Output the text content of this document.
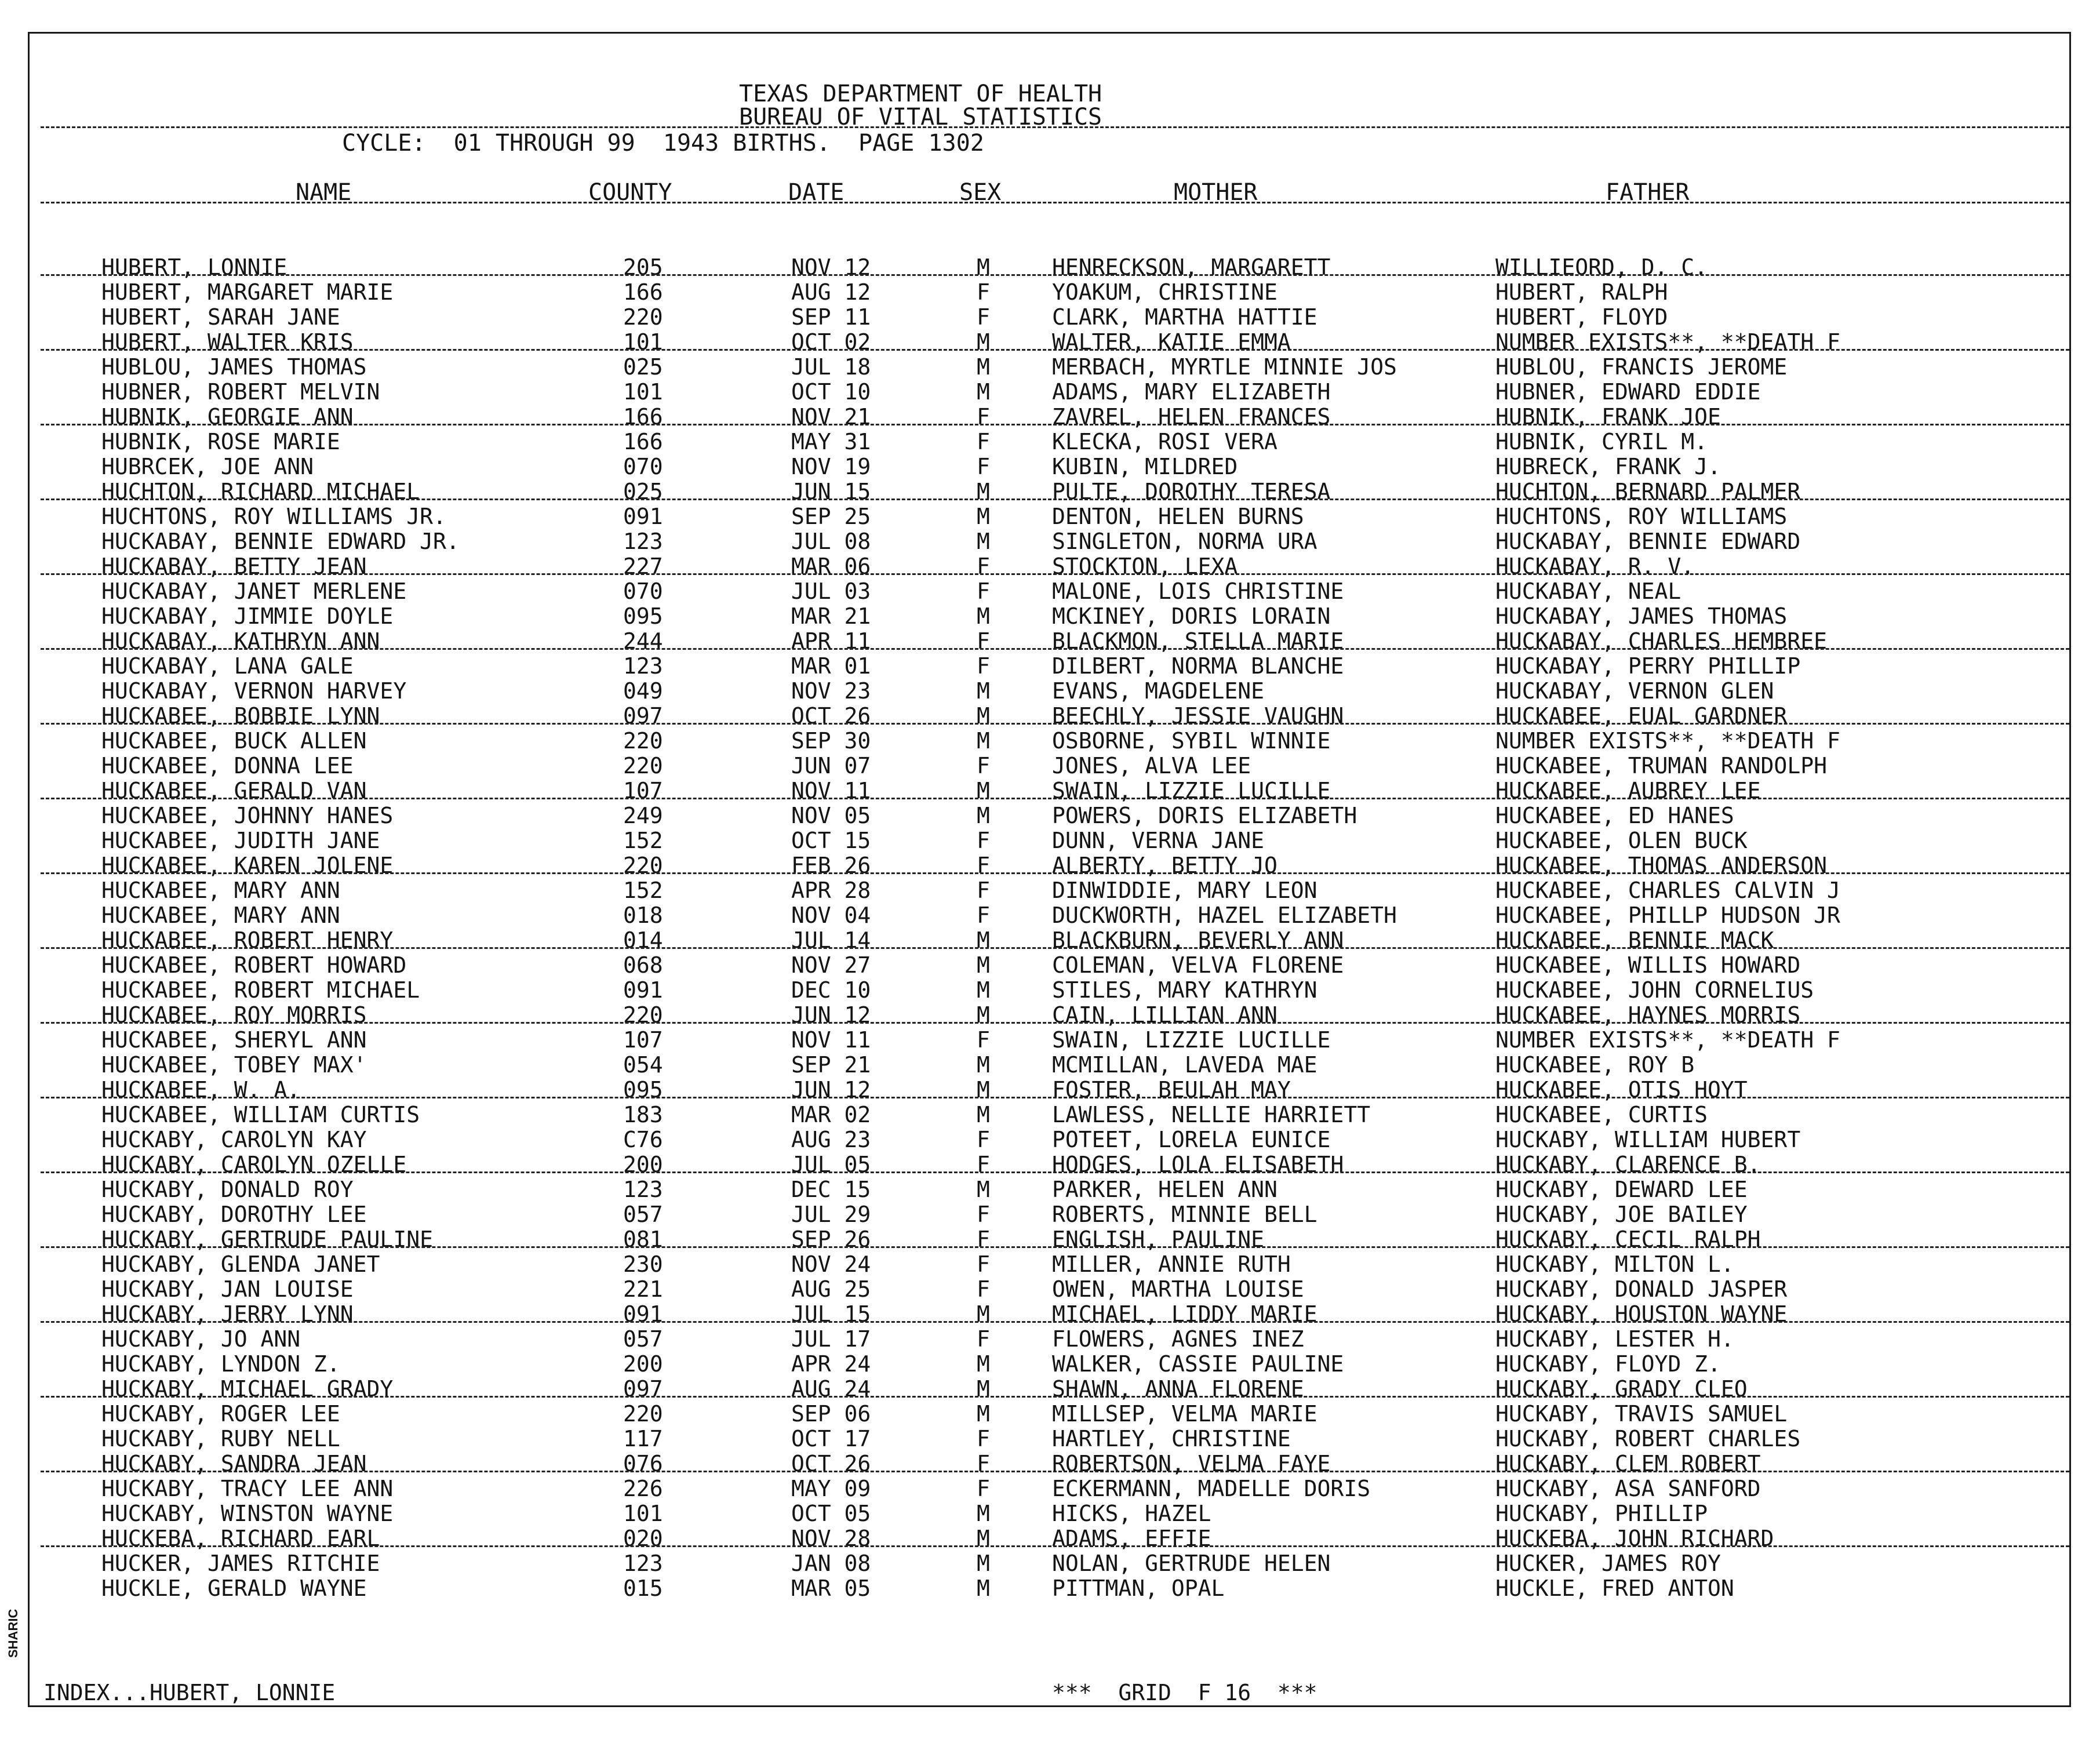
TEXAS DEPARTMENT OF HEALTH
BUREAU OF VITAL STATISTICS
CYCLE:  01 THROUGH 99  1943 BIRTHS.  PAGE 1302
NAME	COUNTY	DATE	SEX	MOTHER	FATHER
HUBERT, LONNIE	205	NOV 12	M	HENRECKSON, MARGARETT	WILLIEORD, D. C.
HUBERT, MARGARET MARIE	166	AUG 12	F	YOAKUM, CHRISTINE	HUBERT, RALPH
HUBERT, SARAH JANE	220	SEP 11	F	CLARK, MARTHA HATTIE	HUBERT, FLOYD
HUBERT, WALTER KRIS	101	OCT 02	M	WALTER, KATIE EMMA	NUMBER EXISTS**, **DEATH F
HUBLOU, JAMES THOMAS	025	JUL 18	M	MERBACH, MYRTLE MINNIE JOS	HUBLOU, FRANCIS JEROME
HUBNER, ROBERT MELVIN	101	OCT 10	M	ADAMS, MARY ELIZABETH	HUBNER, EDWARD EDDIE
HUBNIK, GEORGIE ANN	166	NOV 21	F	ZAVREL, HELEN FRANCES	HUBNIK, FRANK JOE
HUBNIK, ROSE MARIE	166	MAY 31	F	KLECKA, ROSI VERA	HUBNIK, CYRIL M.
HUBRCEK, JOE ANN	070	NOV 19	F	KUBIN, MILDRED	HUBRECK, FRANK J.
HUCHTON, RICHARD MICHAEL	025	JUN 15	M	PULTE, DOROTHY TERESA	HUCHTON, BERNARD PALMER
HUCHTONS, ROY WILLIAMS JR.	091	SEP 25	M	DENTON, HELEN BURNS	HUCHTONS, ROY WILLIAMS
HUCKABAY, BENNIE EDWARD JR.	123	JUL 08	M	SINGLETON, NORMA URA	HUCKABAY, BENNIE EDWARD
HUCKABAY, BETTY JEAN	227	MAR 06	F	STOCKTON, LEXA	HUCKABAY, R. V.
HUCKABAY, JANET MERLENE	070	JUL 03	F	MALONE, LOIS CHRISTINE	HUCKABAY, NEAL
HUCKABAY, JIMMIE DOYLE	095	MAR 21	M	MCKINEY, DORIS LORAIN	HUCKABAY, JAMES THOMAS
HUCKABAY, KATHRYN ANN	244	APR 11	F	BLACKMON, STELLA MARIE	HUCKABAY, CHARLES HEMBREE
HUCKABAY, LANA GALE	123	MAR 01	F	DILBERT, NORMA BLANCHE	HUCKABAY, PERRY PHILLIP
HUCKABAY, VERNON HARVEY	049	NOV 23	M	EVANS, MAGDELENE	HUCKABAY, VERNON GLEN
HUCKABEE, BOBBIE LYNN	097	OCT 26	M	BEECHLY, JESSIE VAUGHN	HUCKABEE, EUAL GARDNER
HUCKABEE, BUCK ALLEN	220	SEP 30	M	OSBORNE, SYBIL WINNIE	NUMBER EXISTS**, **DEATH F
HUCKABEE, DONNA LEE	220	JUN 07	F	JONES, ALVA LEE	HUCKABEE, TRUMAN RANDOLPH
HUCKABEE, GERALD VAN	107	NOV 11	M	SWAIN, LIZZIE LUCILLE	HUCKABEE, AUBREY LEE
HUCKABEE, JOHNNY HANES	249	NOV 05	M	POWERS, DORIS ELIZABETH	HUCKABEE, ED HANES
HUCKABEE, JUDITH JANE	152	OCT 15	F	DUNN, VERNA JANE	HUCKABEE, OLEN BUCK
HUCKABEE, KAREN JOLENE	220	FEB 26	F	ALBERTY, BETTY JO	HUCKABEE, THOMAS ANDERSON
HUCKABEE, MARY ANN	152	APR 28	F	DINWIDDIE, MARY LEON	HUCKABEE, CHARLES CALVIN J
HUCKABEE, MARY ANN	018	NOV 04	F	DUCKWORTH, HAZEL ELIZABETH	HUCKABEE, PHILLP HUDSON JR
HUCKABEE, ROBERT HENRY	014	JUL 14	M	BLACKBURN, BEVERLY ANN	HUCKABEE, BENNIE MACK
HUCKABEE, ROBERT HOWARD	068	NOV 27	M	COLEMAN, VELVA FLORENE	HUCKABEE, WILLIS HOWARD
HUCKABEE, ROBERT MICHAEL	091	DEC 10	M	STILES, MARY KATHRYN	HUCKABEE, JOHN CORNELIUS
HUCKABEE, ROY MORRIS	220	JUN 12	M	CAIN, LILLIAN ANN	HUCKABEE, HAYNES MORRIS
HUCKABEE, SHERYL ANN	107	NOV 11	F	SWAIN, LIZZIE LUCILLE	NUMBER EXISTS**, **DEATH F
HUCKABEE, TOBEY MAX'	054	SEP 21	M	MCMILLAN, LAVEDA MAE	HUCKABEE, ROY B
HUCKABEE, W. A.	095	JUN 12	M	FOSTER, BEULAH MAY	HUCKABEE, OTIS HOYT
HUCKABEE, WILLIAM CURTIS	183	MAR 02	M	LAWLESS, NELLIE HARRIETT	HUCKABEE, CURTIS
HUCKABY, CAROLYN KAY	C76	AUG 23	F	POTEET, LORELA EUNICE	HUCKABY, WILLIAM HUBERT
HUCKABY, CAROLYN OZELLE	200	JUL 05	F	HODGES, LOLA ELISABETH	HUCKABY, CLARENCE B.
HUCKABY, DONALD ROY	123	DEC 15	M	PARKER, HELEN ANN	HUCKABY, DEWARD LEE
HUCKABY, DOROTHY LEE	057	JUL 29	F	ROBERTS, MINNIE BELL	HUCKABY, JOE BAILEY
HUCKABY, GERTRUDE PAULINE	081	SEP 26	F	ENGLISH, PAULINE	HUCKABY, CECIL RALPH
HUCKABY, GLENDA JANET	230	NOV 24	F	MILLER, ANNIE RUTH	HUCKABY, MILTON L.
HUCKABY, JAN LOUISE	221	AUG 25	F	OWEN, MARTHA LOUISE	HUCKABY, DONALD JASPER
HUCKABY, JERRY LYNN	091	JUL 15	M	MICHAEL, LIDDY MARIE	HUCKABY, HOUSTON WAYNE
HUCKABY, JO ANN	057	JUL 17	F	FLOWERS, AGNES INEZ	HUCKABY, LESTER H.
HUCKABY, LYNDON Z.	200	APR 24	M	WALKER, CASSIE PAULINE	HUCKABY, FLOYD Z.
HUCKABY, MICHAEL GRADY	097	AUG 24	M	SHAWN, ANNA FLORENE	HUCKABY, GRADY CLEO
HUCKABY, ROGER LEE	220	SEP 06	M	MILLSEP, VELMA MARIE	HUCKABY, TRAVIS SAMUEL
HUCKABY, RUBY NELL	117	OCT 17	F	HARTLEY, CHRISTINE	HUCKABY, ROBERT CHARLES
HUCKABY, SANDRA JEAN	076	OCT 26	F	ROBERTSON, VELMA FAYE	HUCKABY, CLEM ROBERT
HUCKABY, TRACY LEE ANN	226	MAY 09	F	ECKERMANN, MADELLE DORIS	HUCKABY, ASA SANFORD
HUCKABY, WINSTON WAYNE	101	OCT 05	M	HICKS, HAZEL	HUCKABY, PHILLIP
HUCKEBA, RICHARD EARL	020	NOV 28	M	ADAMS, EFFIE	HUCKEBA, JOHN RICHARD
HUCKER, JAMES RITCHIE	123	JAN 08	M	NOLAN, GERTRUDE HELEN	HUCKER, JAMES ROY
HUCKLE, GERALD WAYNE	015	MAR 05	M	PITTMAN, OPAL	HUCKLE, FRED ANTON
INDEX...HUBERT, LONNIE	***  GRID  F 16  ***
SHARIC
